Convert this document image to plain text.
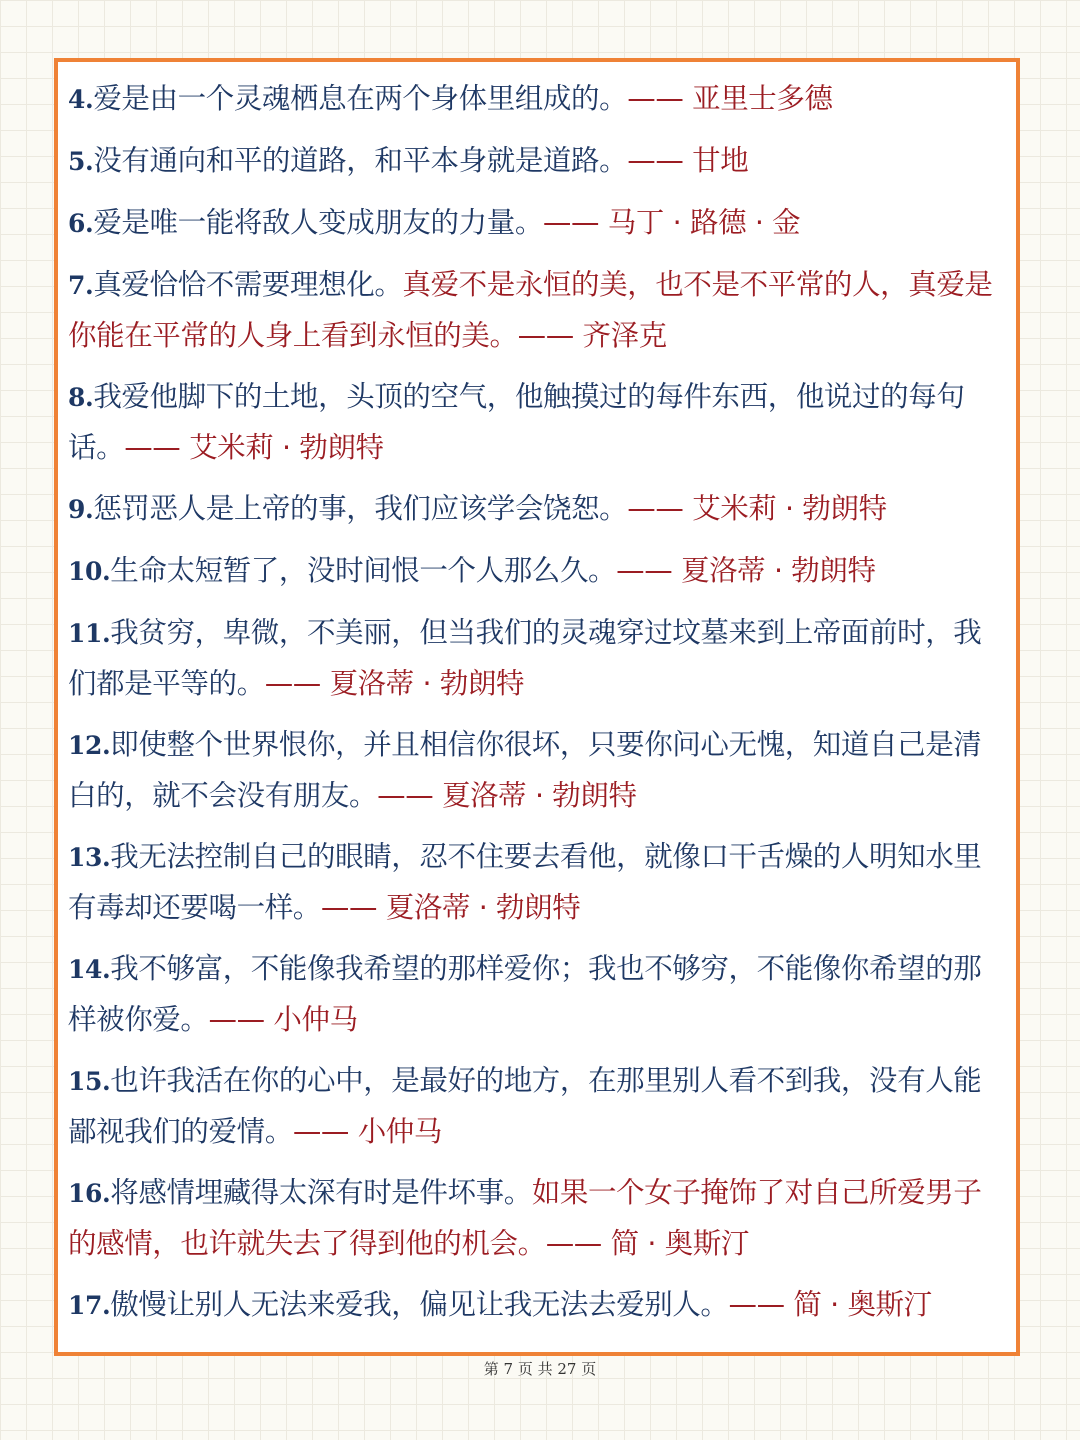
4.爱是由一个灵魂栖息在两个身体里组成的。—— 亚里士多德

5.没有通向和平的道路，和平本身就是道路。—— 甘地

6.爱是唯一能将敌人变成朋友的力量。—— 马丁 · 路德 · 金

7.真爱恰恰不需要理想化。真爱不是永恒的美，也不是不平常的人，真爱是你能在平常的人身上看到永恒的美。—— 齐泽克

8.我爱他脚下的土地，头顶的空气，他触摸过的每件东西，他说过的每句话。—— 艾米莉 · 勃朗特

9.惩罚恶人是上帝的事，我们应该学会饶恕。—— 艾米莉 · 勃朗特

10.生命太短暂了，没时间恨一个人那么久。—— 夏洛蒂 · 勃朗特

11.我贫穷，卑微，不美丽，但当我们的灵魂穿过坟墓来到上帝面前时，我们都是平等的。—— 夏洛蒂 · 勃朗特

12.即使整个世界恨你，并且相信你很坏，只要你问心无愧，知道自己是清白的，就不会没有朋友。—— 夏洛蒂 · 勃朗特

13.我无法控制自己的眼睛，忍不住要去看他，就像口干舌燥的人明知水里有毒却还要喝一样。—— 夏洛蒂 · 勃朗特

14.我不够富，不能像我希望的那样爱你；我也不够穷，不能像你希望的那样被你爱。—— 小仲马

15.也许我活在你的心中，是最好的地方，在那里别人看不到我，没有人能鄙视我们的爱情。—— 小仲马

16.将感情埋藏得太深有时是件坏事。如果一个女子掩饰了对自己所爱男子的感情，也许就失去了得到他的机会。—— 简 · 奥斯汀

17.傲慢让别人无法来爱我，偏见让我无法去爱别人。—— 简 · 奥斯汀

第 7 页 共 27 页
